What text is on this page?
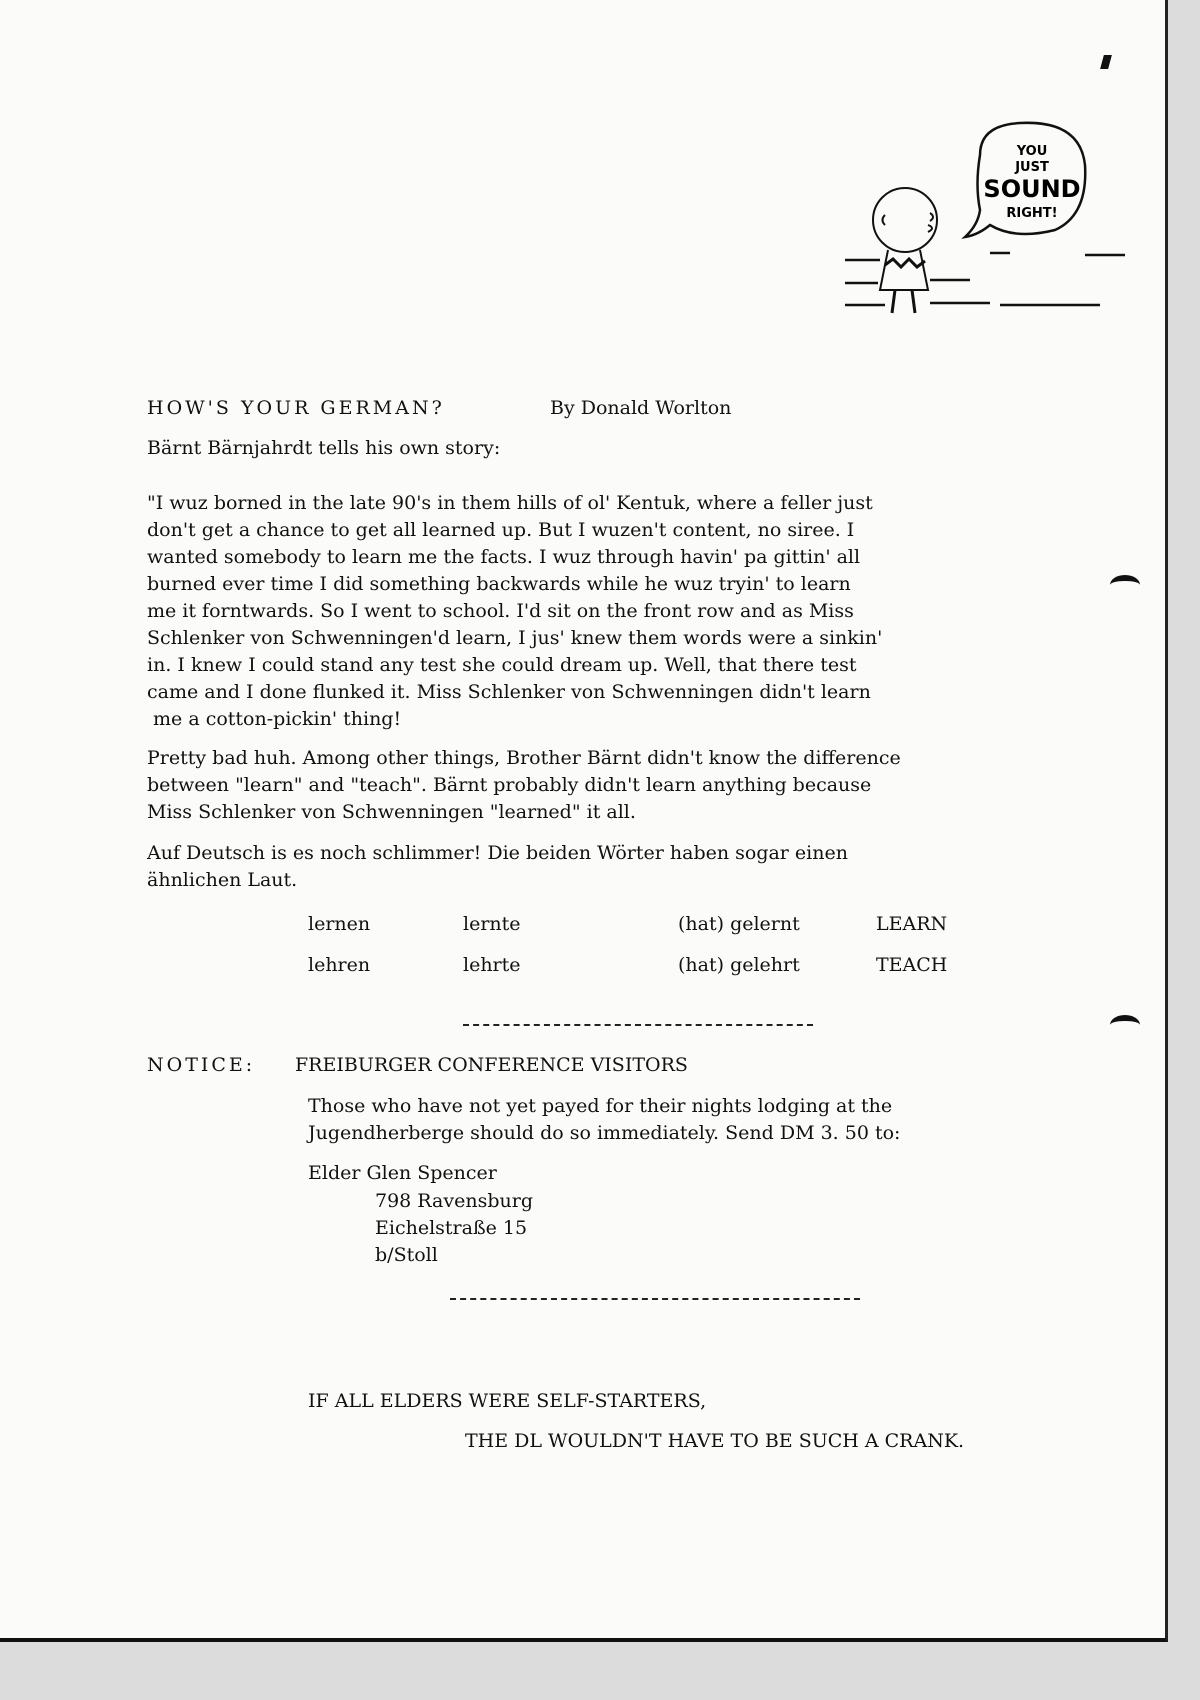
YOU
JUST
SOUND
RIGHT!

HOW'S YOUR GERMAN?	By Donald Worlton

Bärnt Bärnjahrdt tells his own story:

"I wuz borned in the late 90's in them hills of ol' Kentuk, where a feller just
don't get a chance to get all learned up. But I wuzen't content, no siree. I
wanted somebody to learn me the facts. I wuz through havin' pa gittin' all
burned ever time I did something backwards while he wuz tryin' to learn
me it forntwards. So I went to school. I'd sit on the front row and as Miss
Schlenker von Schwenningen'd learn, I jus' knew them words were a sinkin'
in. I knew I could stand any test she could dream up. Well, that there test
came and I done flunked it. Miss Schlenker von Schwenningen didn't learn
me a cotton-pickin' thing!
Pretty bad huh. Among other things, Brother Bärnt didn't know the difference
between "learn" and "teach". Bärnt probably didn't learn anything because
Miss Schlenker von Schwenningen "learned" it all.
Auf Deutsch is es noch schlimmer! Die beiden Wörter haben sogar einen
ähnlichen Laut.
lernen	lernte	(hat) gelernt	LEARN
lehren	lehrte	(hat) gelehrt	TEACH

NOTICE: FREIBURGER CONFERENCE VISITORS

Those who have not yet payed for their nights lodging at the
Jugendherberge should do so immediately. Send DM 3. 50 to:

Elder Glen Spencer

798 Ravensburg
Eichelstraße 15
b/Stoll

IF ALL ELDERS WERE SELF-STARTERS,

THE DL WOULDN'T HAVE TO BE SUCH A CRANK.
